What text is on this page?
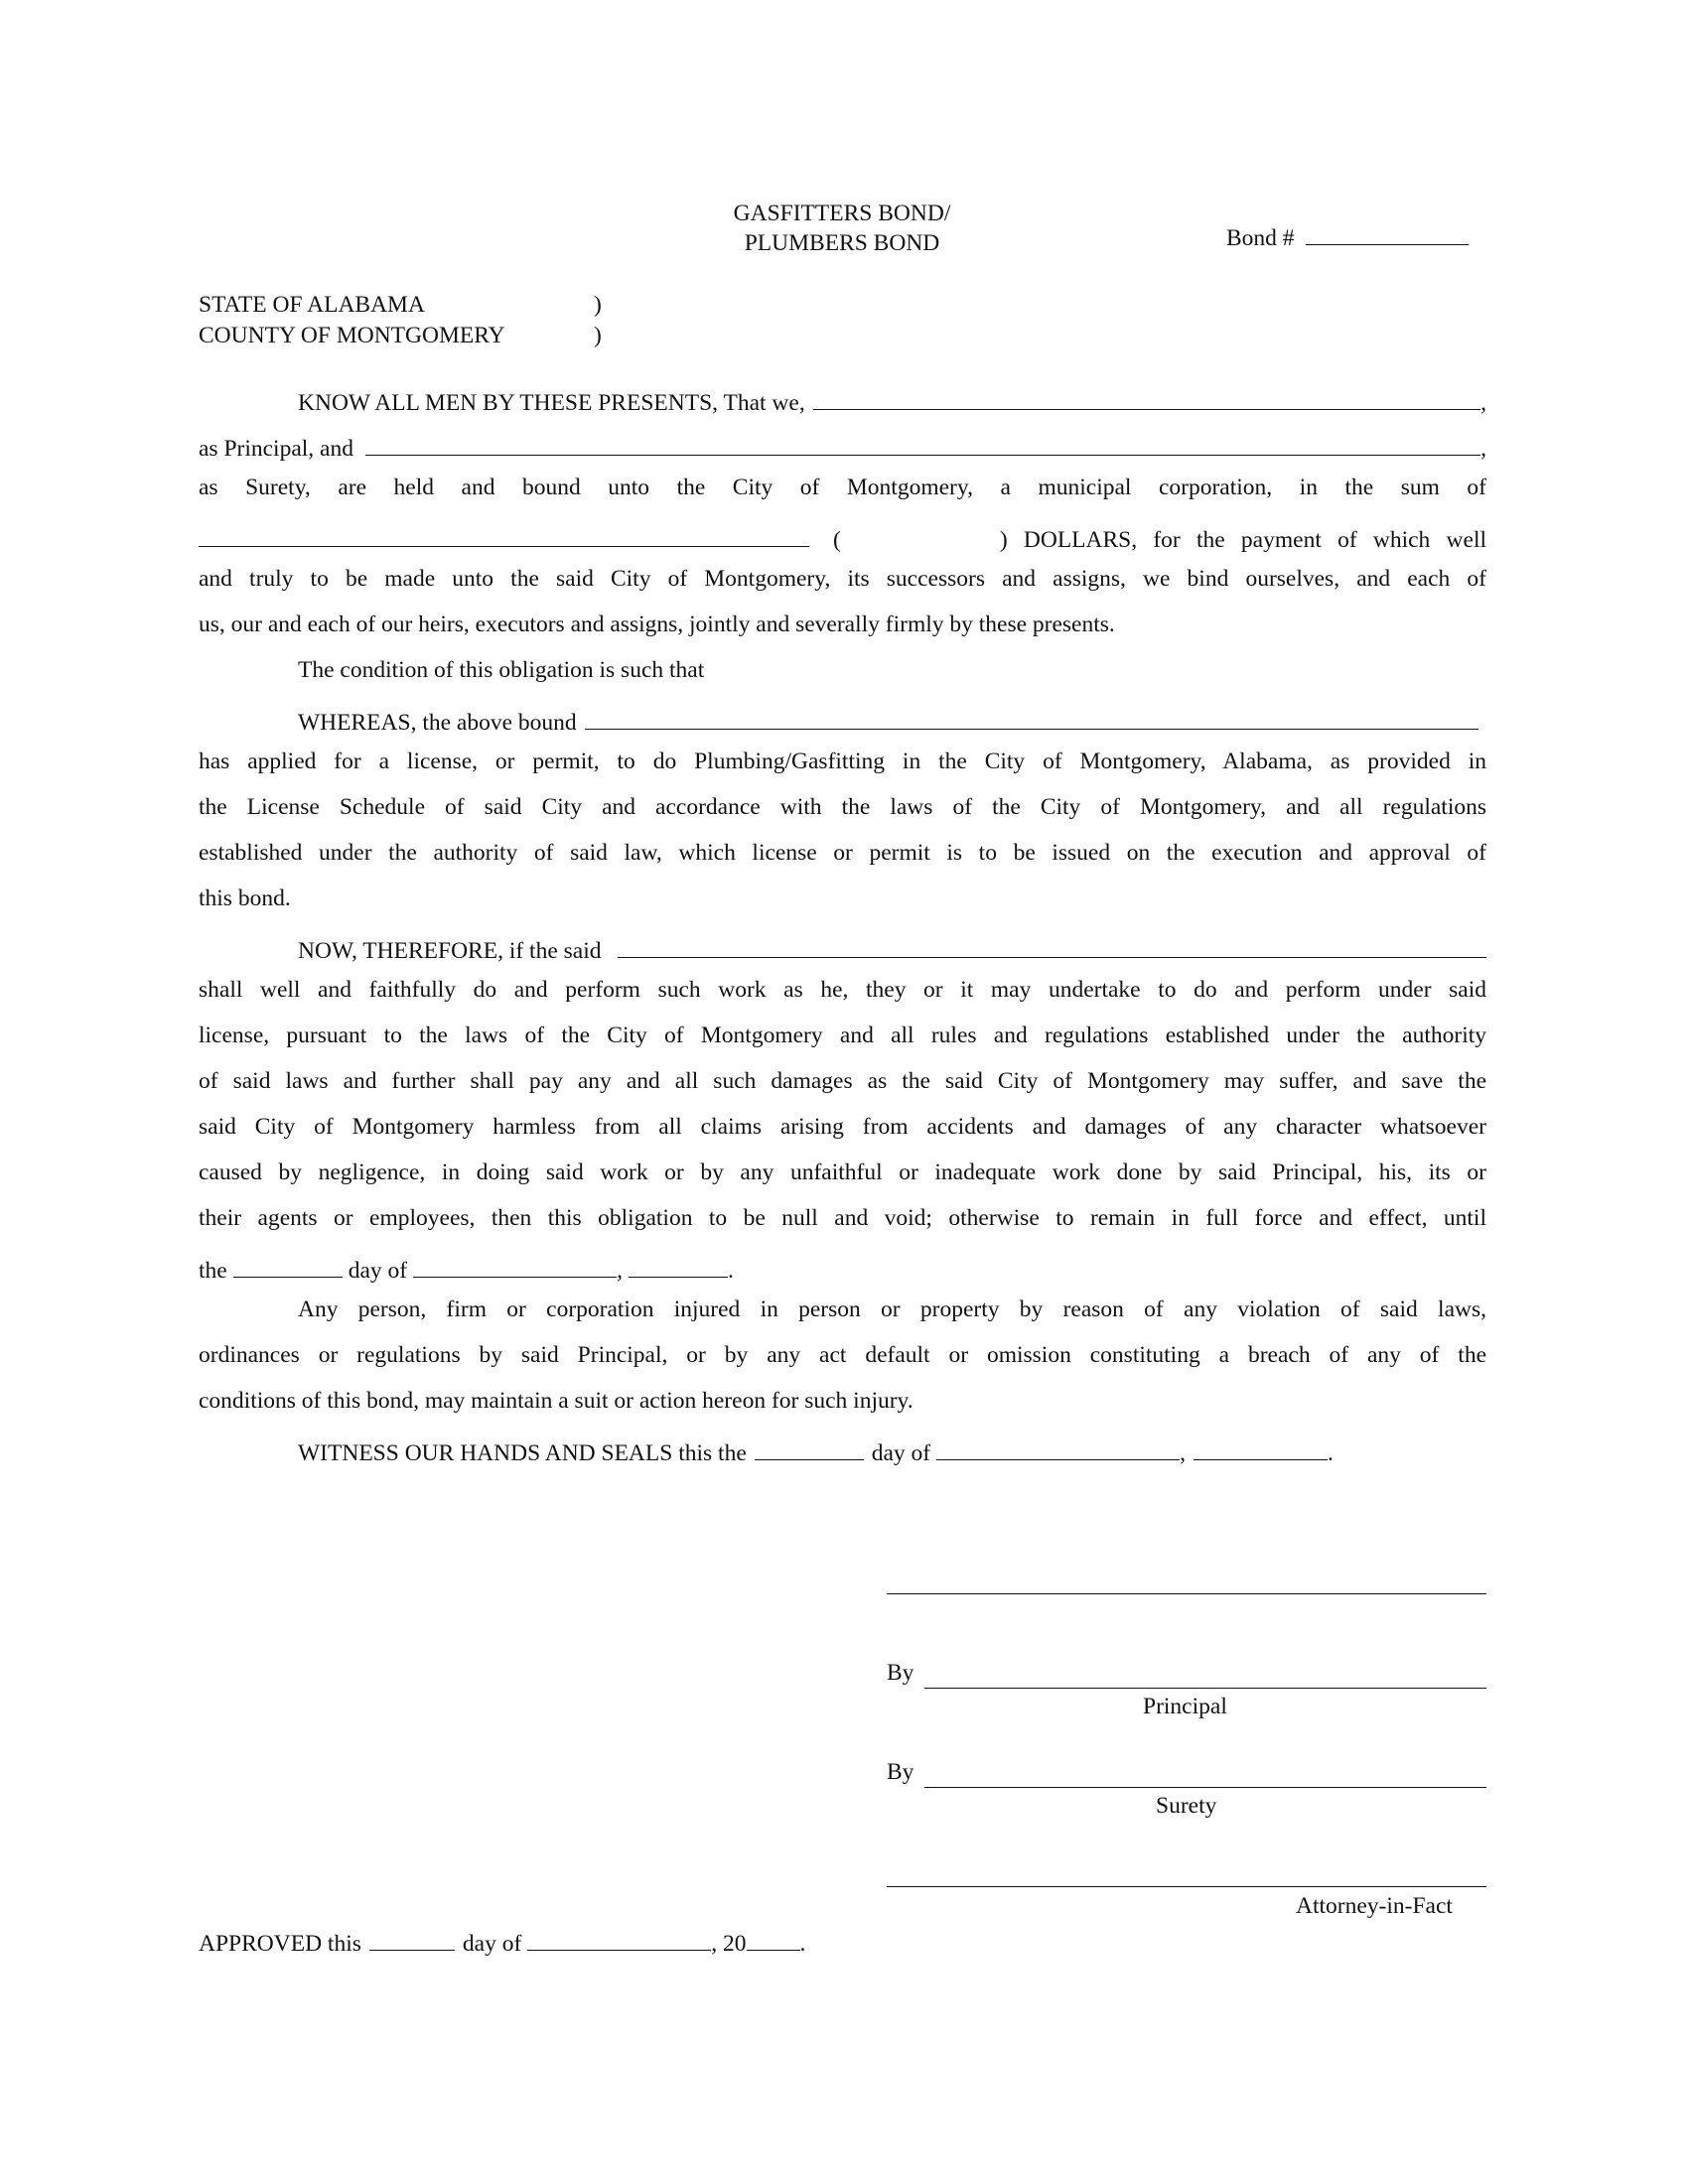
GASFITTERS BOND/
PLUMBERS BOND	Bond #
STATE OF ALABAMA	)
COUNTY OF MONTGOMERY	)
KNOW ALL MEN BY THESE PRESENTS, That we,	,
as Principal, and	,
as Surety, are held and bound unto the City of Montgomery, a municipal corporation, in the sum of
(	) DOLLARS, for the payment of which well
and truly to be made unto the said City of Montgomery, its successors and assigns, we bind ourselves, and each of
us, our and each of our heirs, executors and assigns, jointly and severally firmly by these presents.
The condition of this obligation is such that
WHEREAS, the above bound
has applied for a license, or permit, to do Plumbing/Gasfitting in the City of Montgomery, Alabama, as provided in
the License Schedule of said City and accordance with the laws of the City of Montgomery, and all regulations
established under the authority of said law, which license or permit is to be issued on the execution and approval of
this bond.
NOW, THEREFORE, if the said
shall well and faithfully do and perform such work as he, they or it may undertake to do and perform under said
license, pursuant to the laws of the City of Montgomery and all rules and regulations established under the authority
of said laws and further shall pay any and all such damages as the said City of Montgomery may suffer, and save the
said City of Montgomery harmless from all claims arising from accidents and damages of any character whatsoever
caused by negligence, in doing said work or by any unfaithful or inadequate work done by said Principal, his, its or
their agents or employees, then this obligation to be null and void; otherwise to remain in full force and effect, until
the	day of	,	.
Any person, firm or corporation injured in person or property by reason of any violation of said laws,
ordinances or regulations by said Principal, or by any act default or omission constituting a breach of any of the
conditions of this bond, may maintain a suit or action hereon for such injury.
WITNESS OUR HANDS AND SEALS this the	day of	,	.
By
Principal
By
Surety
Attorney-in-Fact
APPROVED this	day of	, 20 .
